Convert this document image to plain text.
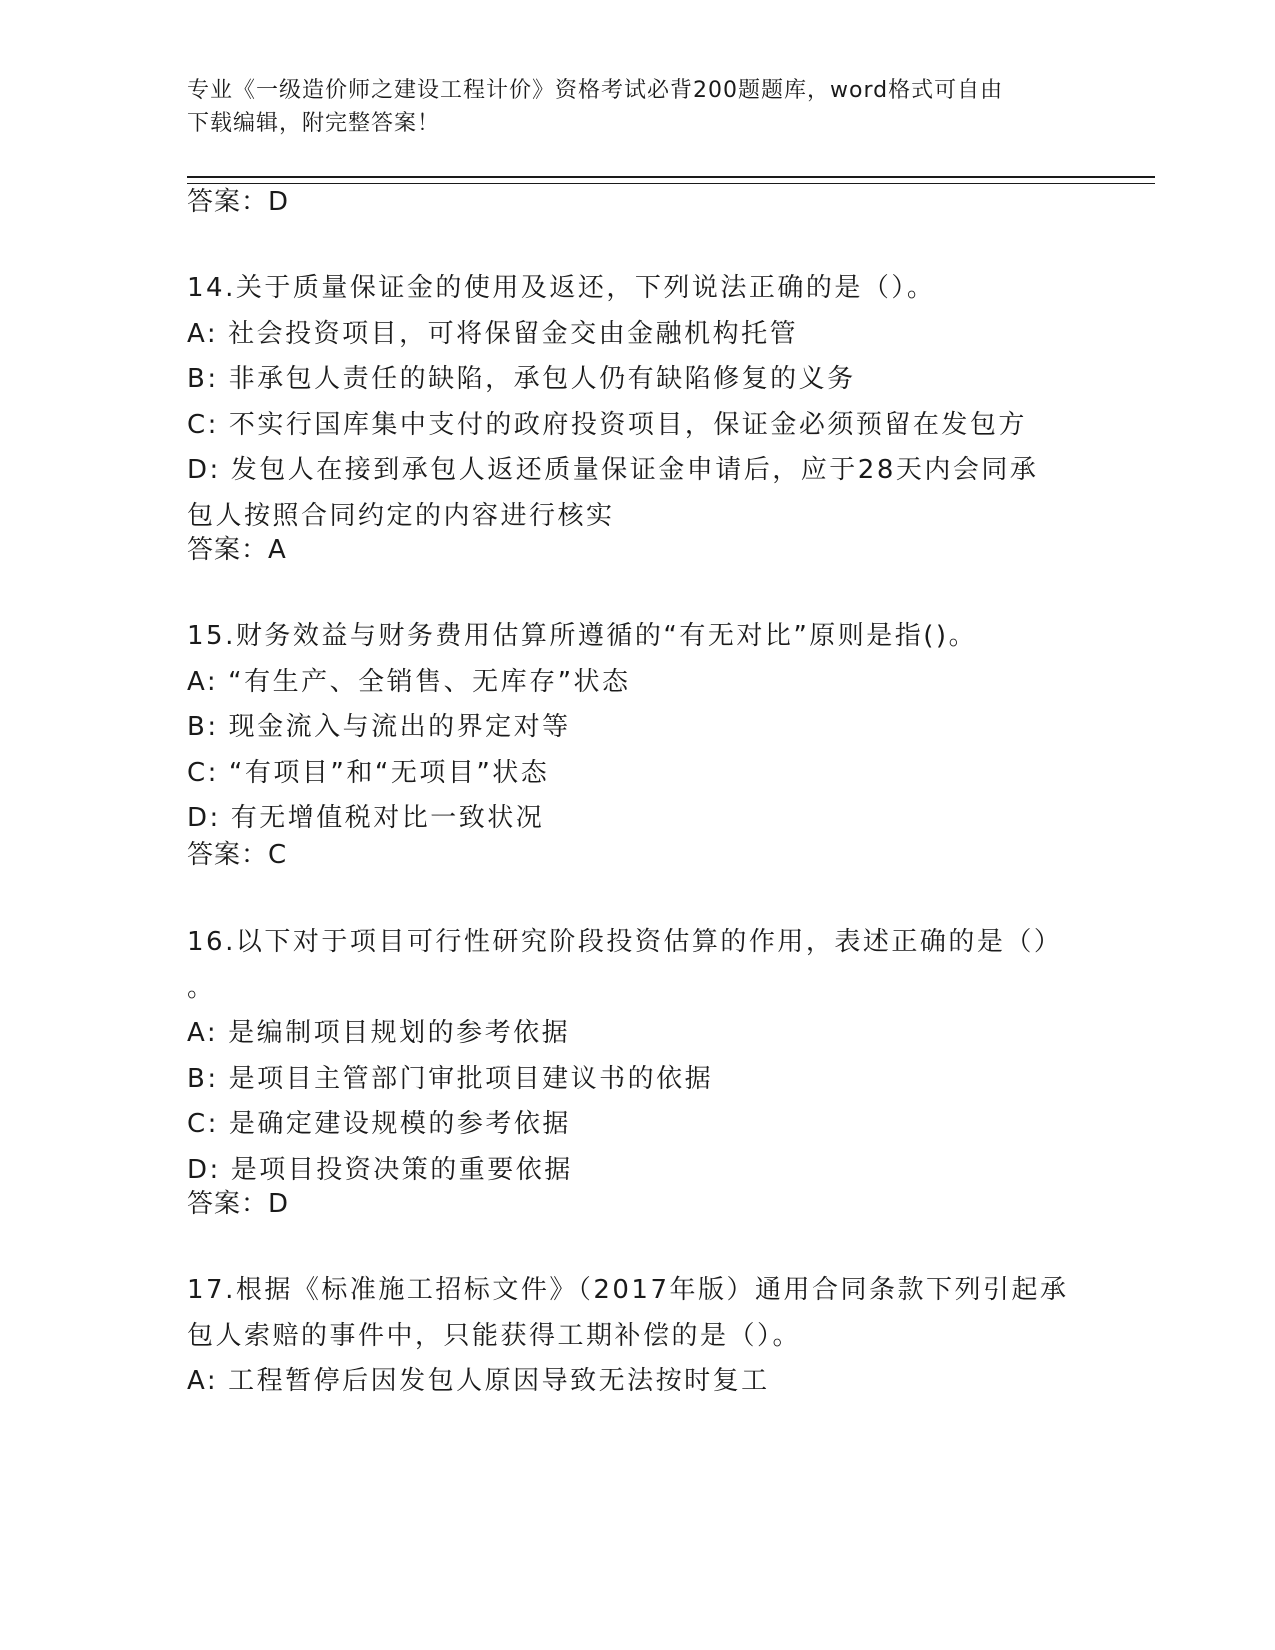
专业《一级造价师之建设工程计价》资格考试必背200题题库，word格式可自由
下载编辑，附完整答案！
答案：D
14.关于质量保证金的使用及返还，下列说法正确的是（）。
A: 社会投资项目，可将保留金交由金融机构托管
B: 非承包人责任的缺陷，承包人仍有缺陷修复的义务
C: 不实行国库集中支付的政府投资项目，保证金必须预留在发包方
D: 发包人在接到承包人返还质量保证金申请后，应于28天内会同承
包人按照合同约定的内容进行核实
答案：A
15.财务效益与财务费用估算所遵循的“有无对比”原则是指()。
A: “有生产、全销售、无库存”状态
B: 现金流入与流出的界定对等
C: “有项目”和“无项目”状态
D: 有无增值税对比一致状况
答案：C
16.以下对于项目可行性研究阶段投资估算的作用，表述正确的是（）
。
A: 是编制项目规划的参考依据
B: 是项目主管部门审批项目建议书的依据
C: 是确定建设规模的参考依据
D: 是项目投资决策的重要依据
答案：D
17.根据《标准施工招标文件》（2017年版）通用合同条款下列引起承
包人索赔的事件中，只能获得工期补偿的是（）。
A: 工程暂停后因发包人原因导致无法按时复工
